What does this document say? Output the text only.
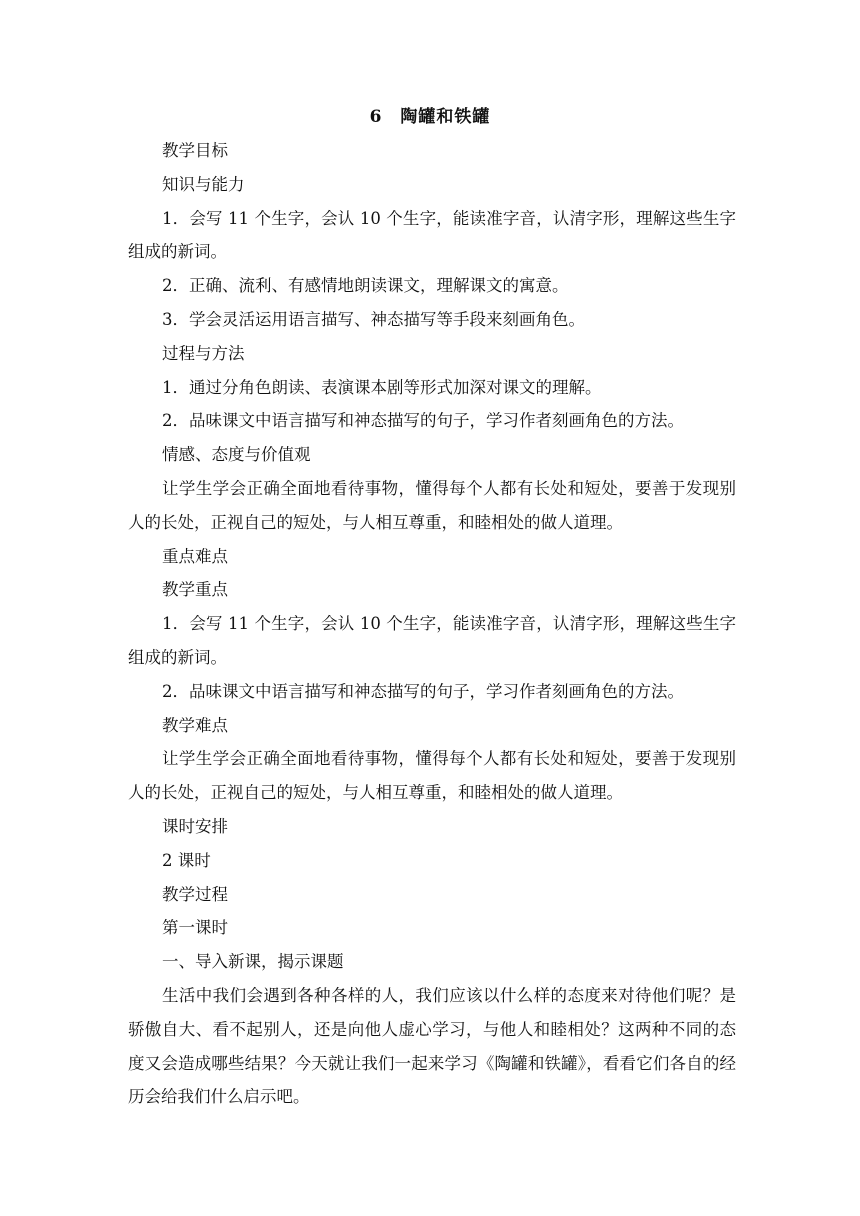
6　陶罐和铁罐

教学目标

知识与能力

1．会写 11 个生字，会认 10 个生字，能读准字音，认清字形，理解这些生字组成的新词。

2．正确、流利、有感情地朗读课文，理解课文的寓意。

3．学会灵活运用语言描写、神态描写等手段来刻画角色。

过程与方法

1．通过分角色朗读、表演课本剧等形式加深对课文的理解。

2．品味课文中语言描写和神态描写的句子，学习作者刻画角色的方法。

情感、态度与价值观

让学生学会正确全面地看待事物，懂得每个人都有长处和短处，要善于发现别人的长处，正视自己的短处，与人相互尊重，和睦相处的做人道理。

重点难点

教学重点

1．会写 11 个生字，会认 10 个生字，能读准字音，认清字形，理解这些生字组成的新词。

2．品味课文中语言描写和神态描写的句子，学习作者刻画角色的方法。

教学难点

让学生学会正确全面地看待事物，懂得每个人都有长处和短处，要善于发现别人的长处，正视自己的短处，与人相互尊重，和睦相处的做人道理。

课时安排

2 课时

教学过程

第一课时

一、导入新课，揭示课题

生活中我们会遇到各种各样的人，我们应该以什么样的态度来对待他们呢？是骄傲自大、看不起别人，还是向他人虚心学习，与他人和睦相处？这两种不同的态度又会造成哪些结果？今天就让我们一起来学习《陶罐和铁罐》，看看它们各自的经历会给我们什么启示吧。
